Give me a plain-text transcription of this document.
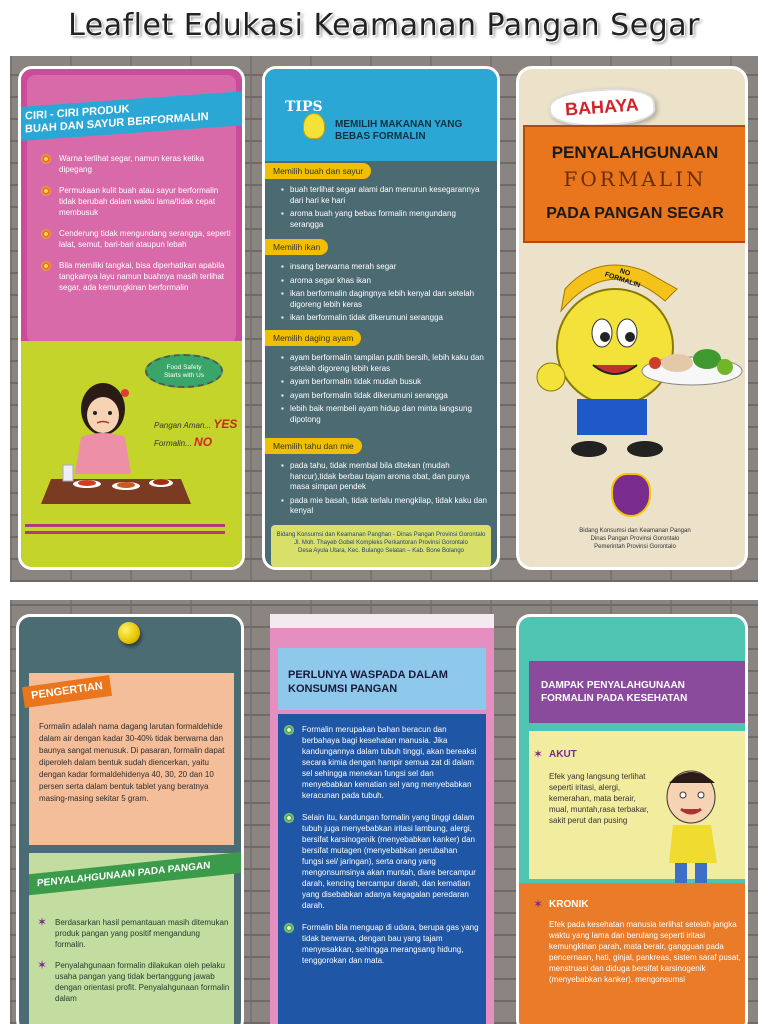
Leaflet Edukasi Keamanan Pangan Segar
CIRI - CIRI PRODUK
BUAH DAN SAYUR BERFORMALIN
Warna terlihat segar, namun keras ketika dipegang
Permukaan kulit buah atau sayur berformalin tidak berubah dalam waktu lama/tidak cepat membusuk
Cenderung tidak mengundang serangga, seperti lalat, semut, bari-bari ataupun lebah
Bila memiliki tangkai, bisa diperhatikan apabila tangkainya layu namun buahnya masih terlihat segar, ada kemungkinan berformalin
Food Safety
Starts with Us
Pangan Aman... YES
Formalin... NO
TIPS
MEMILIH MAKANAN YANG
BEBAS FORMALIN
Memilih buah dan sayur
▪ buah terlihat segar alami dan menurun kesegarannya dari hari ke hari
▪ aroma buah yang bebas formalin mengundang serangga
Memilih ikan
▪ insang berwarna merah segar
▪ aroma segar khas ikan
▪ ikan berformalin dagingnya lebih kenyal dan setelah digoreng lebih keras
▪ ikan berformalin tidak dikerumuni serangga
Memilih daging ayam
▪ ayam berformalin tampilan putih bersih, lebih kaku dan setelah digoreng lebih keras
▪ ayam berformalin tidak mudah busuk
▪ ayam berformalin tidak dikerumuni serangga
▪ lebih baik membeli ayam hidup dan minta langsung dipotong
Memilih tahu dan mie
▪ pada tahu, tidak membal bila ditekan (mudah hancur),tidak berbau tajam aroma obat, dan punya masa simpan pendek
▪ pada mie basah, tidak terlalu mengkilap, tidak kaku dan kenyal
Bidang Konsumsi dan Keamanan Panghan - Dinas Pangan Provinsi Gorontalo
Jl. Moh. Thayeb Gobel Kompleks Perkantoran Provinsi Gorontalo
Desa Ayula Utara, Kec. Bulango Selatan – Kab. Bone Bolango
BAHAYA
PENYALAHGUNAAN
FORMALIN
PADA PANGAN SEGAR
NO
FORMALIN
Bidang Konsumsi dan Keamanan Pangan
Dinas Pangan Provinsi Gorontalo
Pemerintah Provinsi Gorontalo
PENGERTIAN
Formalin adalah nama dagang larutan formaldehide dalam air dengan kadar 30-40% tidak berwarna dan baunya sangat menusuk. Di pasaran, formalin dapat diperoleh dalam bentuk sudah diencerkan, yaitu dengan kadar formaldehidenya 40, 30, 20 dan 10 persen serta dalam bentuk tablet yang beratnya masing-masing sekitar 5 gram.
PENYALAHGUNAAN PADA PANGAN
✶ Berdasarkan hasil pemantauan masih ditemukan produk pangan yang positif mengandung formalin.
✶ Penyalahgunaan formalin dilakukan oleh pelaku usaha pangan yang tidak bertanggung jawab dengan orientasi profit. Penyalahgunaan formalin dalam
PERLUNYA WASPADA DALAM
KONSUMSI PANGAN
Formalin merupakan bahan beracun dan berbahaya bagi kesehatan manusia. Jika kandungannya dalam tubuh tinggi, akan bereaksi secara kimia dengan hampir semua zat di dalam sel sehingga menekan fungsi sel dan menyebabkan kematian sel yang menyebabkan keracunan pada tubuh.
Selain itu, kandungan formalin yang tinggi dalam tubuh juga menyebabkan iritasi lambung, alergi, bersifat karsinogenik (menyebabkan kanker) dan bersifat mutagen (menyebabkan perubahan fungsi sel/ jaringan), serta orang yang mengonsumsinya akan muntah, diare bercampur darah, kencing bercampur darah, dan kematian yang disebabkan adanya kegagalan peredaran darah.
Formalin bila menguap di udara, berupa gas yang tidak berwarna, dengan bau yang tajam menyesakkan, sehingga merangsang hidung, tenggorokan dan mata.
DAMPAK PENYALAHGUNAAN
FORMALIN PADA KESEHATAN
✶ AKUT
Efek yang langsung terlihat seperti iritasi, alergi, kemerahan, mata berair, mual, muntah,rasa terbakar, sakit perut dan pusing
✶ KRONIK
Efek pada kesehatan manusia terlihat setelah jangka waktu yang lama dan berulang seperti iritasi kemungkinan parah, mata berair, gangguan pada pencernaan, hati, ginjal, pankreas, sistem saraf pusat, menstruasi dan diduga bersifat karsinogenik (menyebabkan kanker). mengonsumsi
